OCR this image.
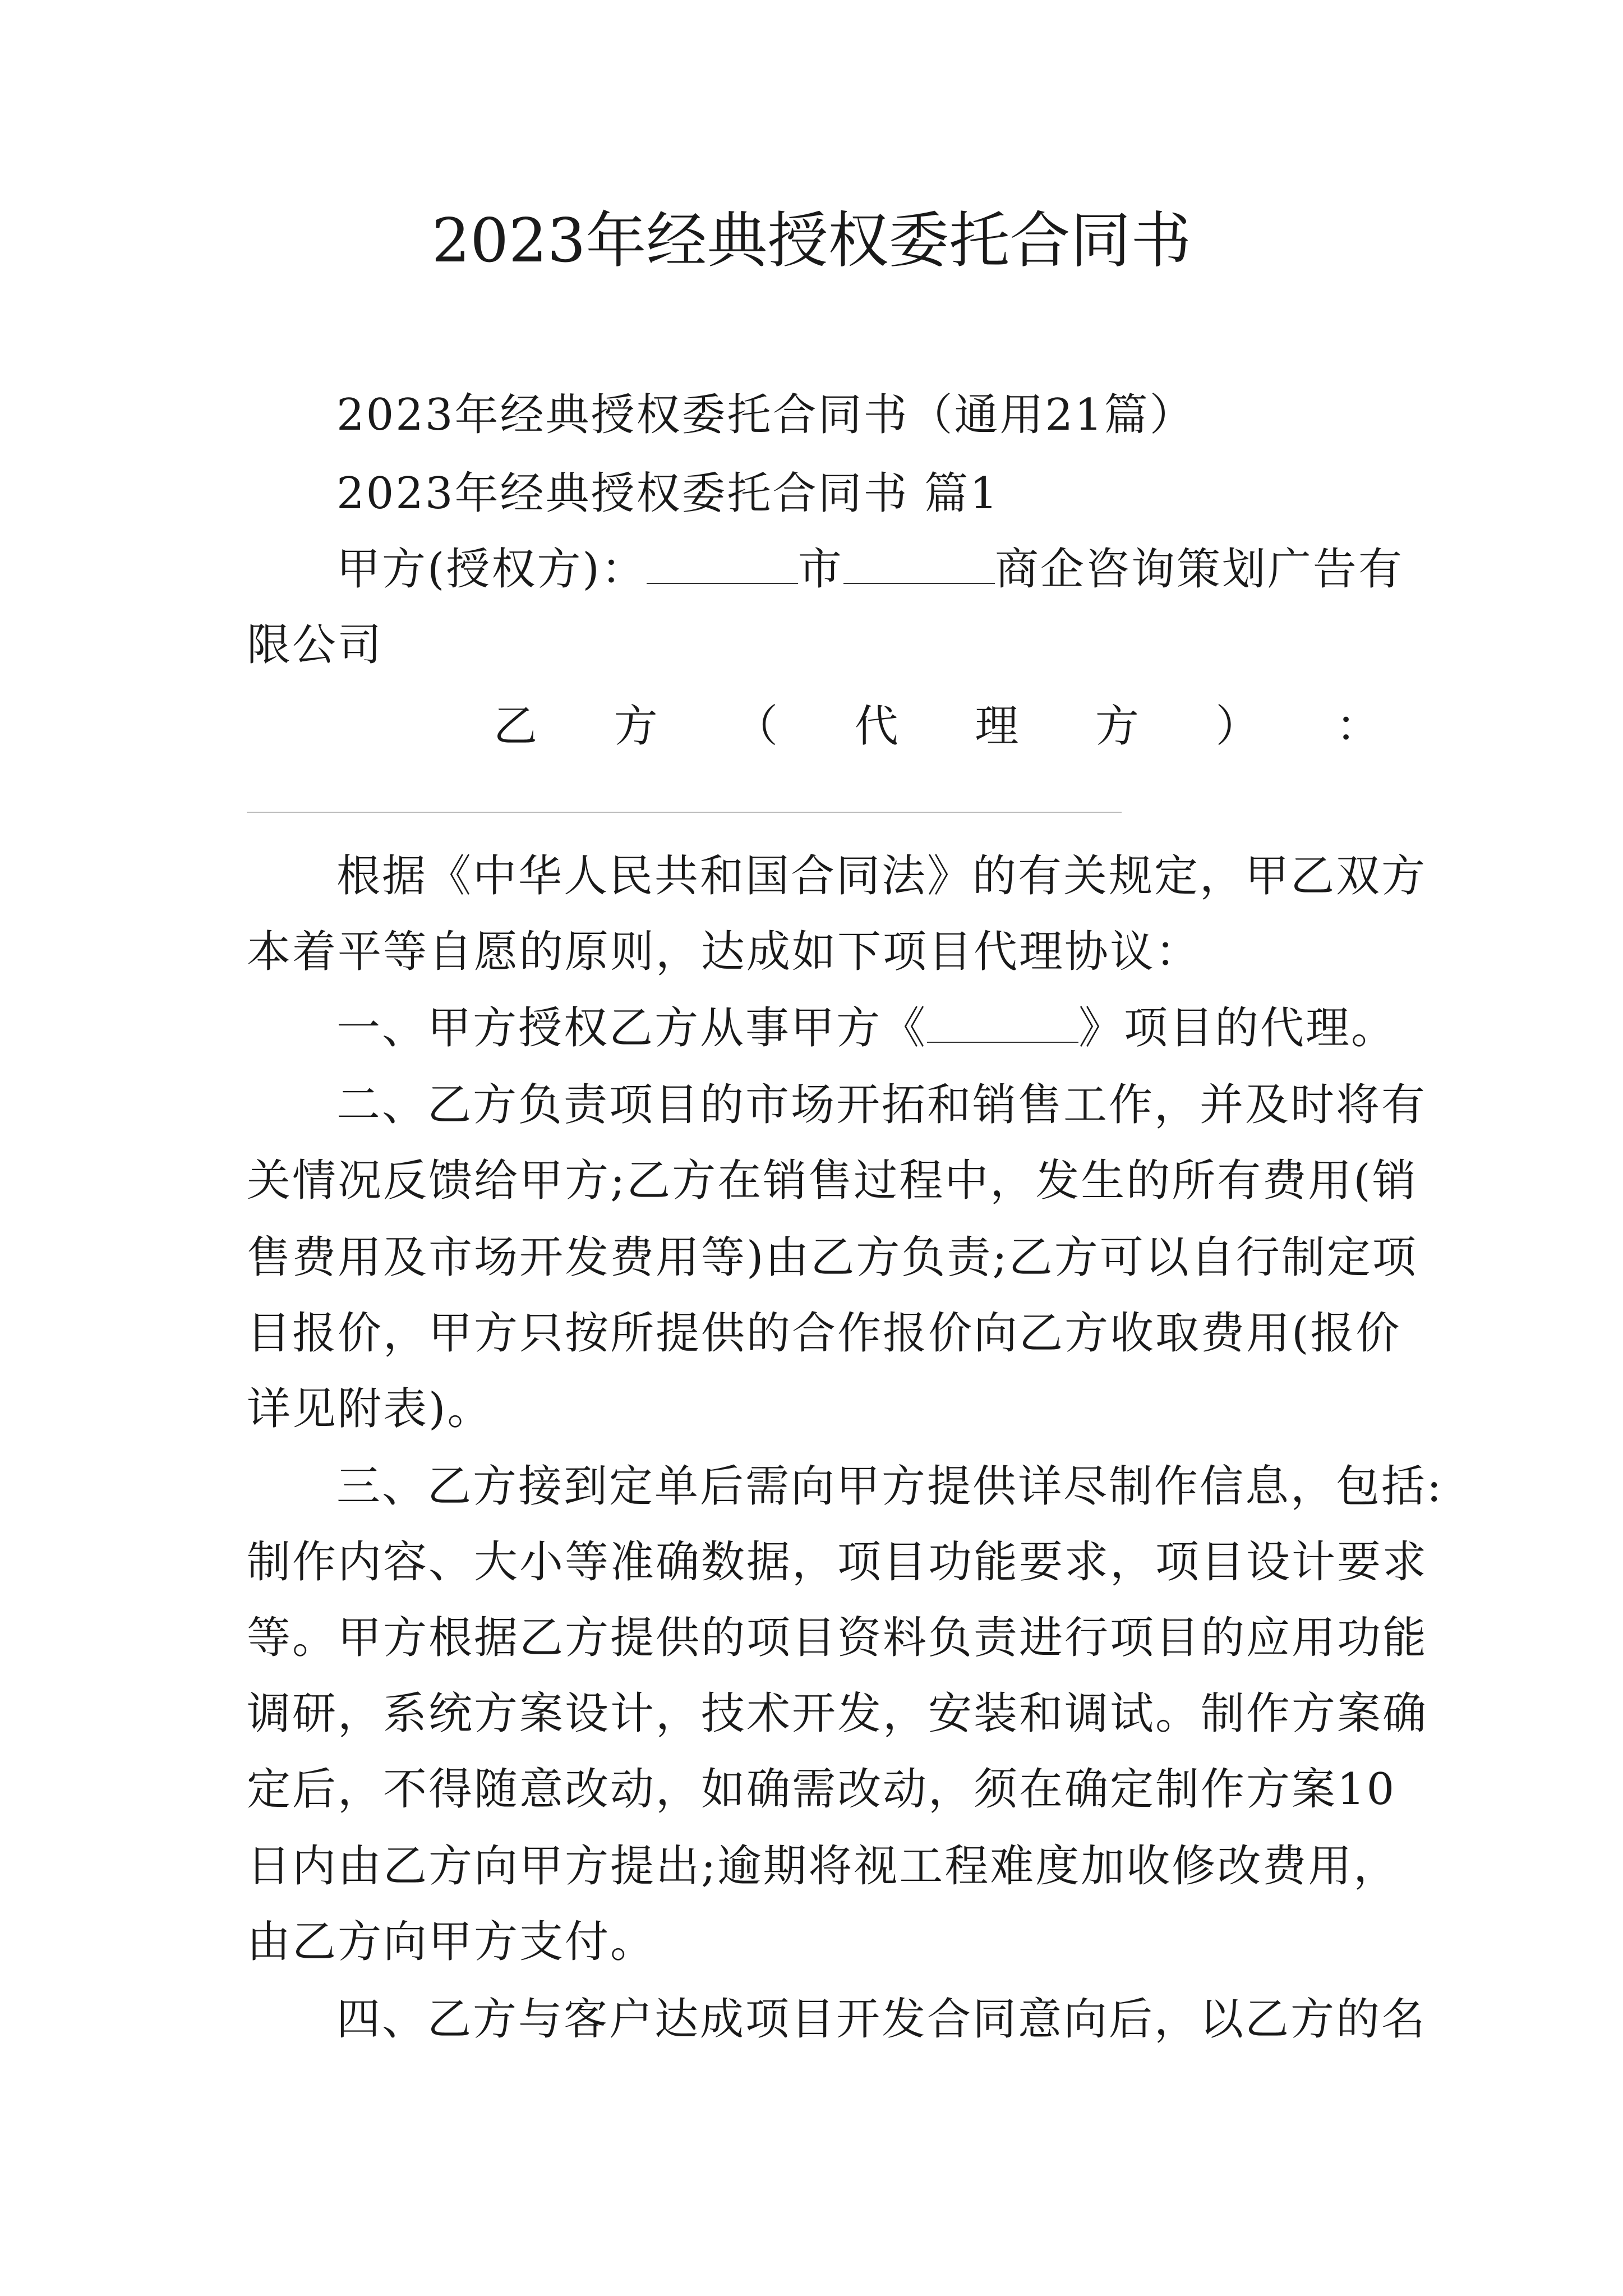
2023年经典授权委托合同书
2023年经典授权委托合同书（通用21篇）
2023年经典授权委托合同书 篇1
甲方(授权方)：	市	商企咨询策划广告有
限公司
乙 方 （ 代 理 方 ） ：
根据《中华人民共和国合同法》的有关规定，甲乙双方
本着平等自愿的原则，达成如下项目代理协议：
一、甲方授权乙方从事甲方《	》项目的代理。
二、乙方负责项目的市场开拓和销售工作，并及时将有
关情况反馈给甲方;乙方在销售过程中，发生的所有费用(销
售费用及市场开发费用等)由乙方负责;乙方可以自行制定项
目报价，甲方只按所提供的合作报价向乙方收取费用(报价
详见附表)。
三、乙方接到定单后需向甲方提供详尽制作信息，包括:
制作内容、大小等准确数据，项目功能要求，项目设计要求
等。甲方根据乙方提供的项目资料负责进行项目的应用功能
调研，系统方案设计，技术开发，安装和调试。制作方案确
定后，不得随意改动，如确需改动，须在确定制作方案10
日内由乙方向甲方提出;逾期将视工程难度加收修改费用，
由乙方向甲方支付。
四、乙方与客户达成项目开发合同意向后，以乙方的名
